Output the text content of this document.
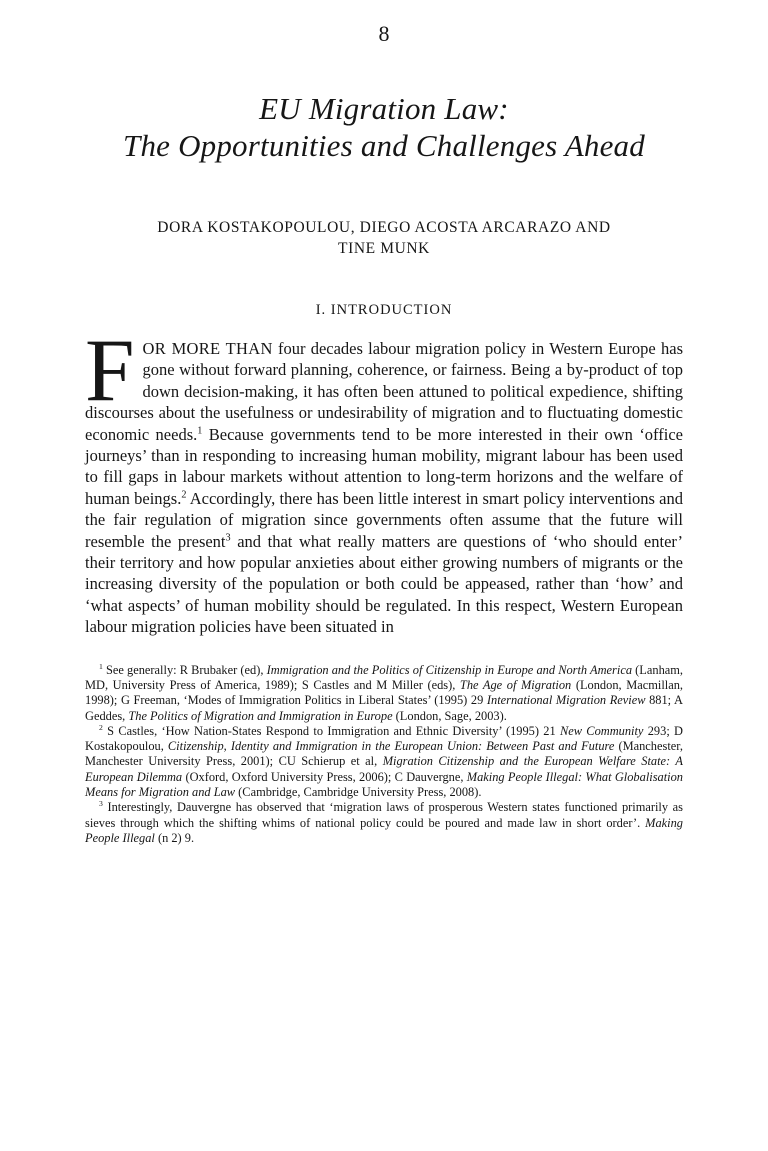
8
EU Migration Law:
The Opportunities and Challenges Ahead
DORA KOSTAKOPOULOU, DIEGO ACOSTA ARCARAZO AND
TINE MUNK
I. INTRODUCTION

FOR MORE THAN four decades labour migration policy in Western Europe has gone without forward planning, coherence, or fairness. Being a by-product of top down decision-making, it has often been attuned to political expedience, shifting discourses about the usefulness or undesirability of migration and to fluctuating domestic economic needs.$^1$ Because governments tend to be more interested in their own ‘office journeys’ than in responding to increasing human mobility, migrant labour has been used to fill gaps in labour markets without attention to long-term horizons and the welfare of human beings.$^2$ Accordingly, there has been little interest in smart policy interventions and the fair regulation of migration since governments often assume that the future will resemble the present$^3$ and that what really matters are questions of ‘who should enter’ their territory and how popular anxieties about either growing numbers of migrants or the increasing diversity of the population or both could be appeased, rather than ‘how’ and ‘what aspects’ of human mobility should be regulated. In this respect, Western European labour migration policies have been situated in

$^1$ See generally: R Brubaker (ed), Immigration and the Politics of Citizenship in Europe and North America (Lanham, MD, University Press of America, 1989); S Castles and M Miller (eds), The Age of Migration (London, Macmillan, 1998); G Freeman, ‘Modes of Immigration Politics in Liberal States’ (1995) 29 International Migration Review 881; A Geddes, The Politics of Migration and Immigration in Europe (London, Sage, 2003).

$^2$ S Castles, ‘How Nation-States Respond to Immigration and Ethnic Diversity’ (1995) 21 New Community 293; D Kostakopoulou, Citizenship, Identity and Immigration in the European Union: Between Past and Future (Manchester, Manchester University Press, 2001); CU Schierup et al, Migration Citizenship and the European Welfare State: A European Dilemma (Oxford, Oxford University Press, 2006); C Dauvergne, Making People Illegal: What Globalisation Means for Migration and Law (Cambridge, Cambridge University Press, 2008).

$^3$ Interestingly, Dauvergne has observed that ‘migration laws of prosperous Western states functioned primarily as sieves through which the shifting whims of national policy could be poured and made law in short order’. Making People Illegal (n 2) 9.
